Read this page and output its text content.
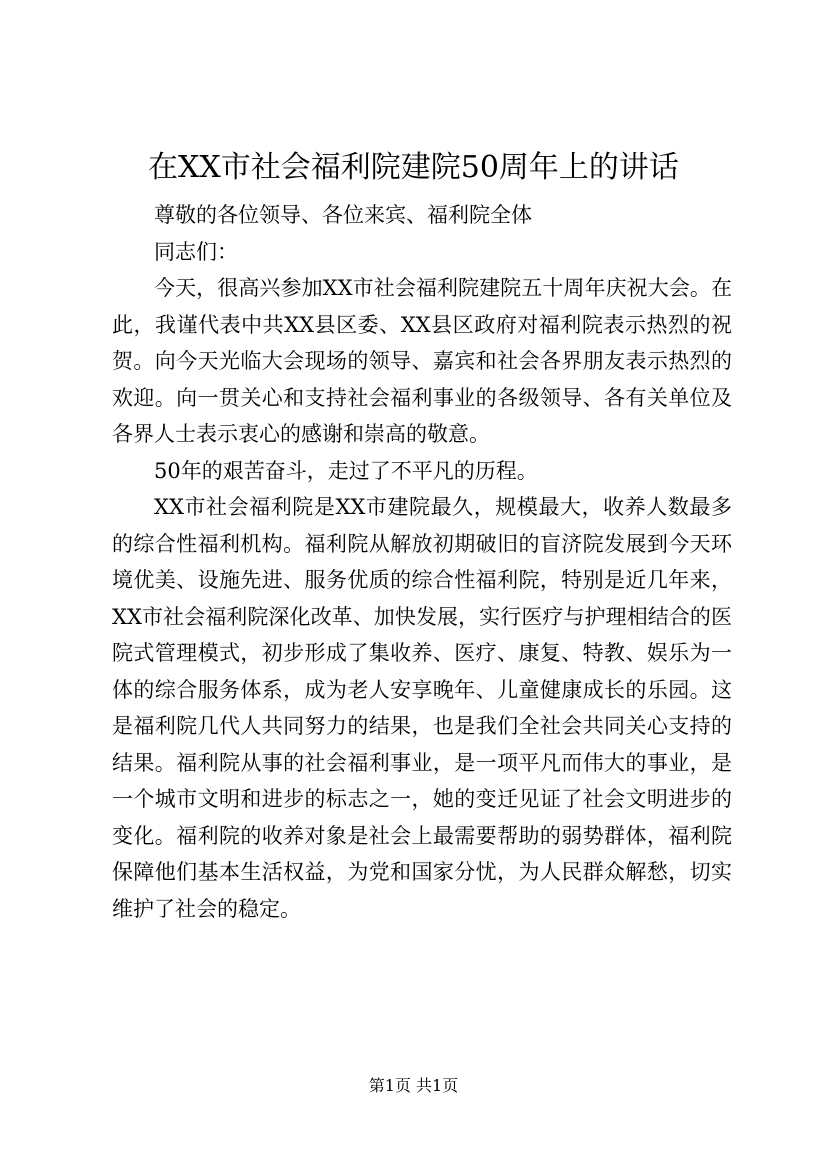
在XX市社会福利院建院50周年上的讲话

尊敬的各位领导、各位来宾、福利院全体

同志们：

今天，很高兴参加XX市社会福利院建院五十周年庆祝大会。在此，我谨代表中共XX县区委、XX县区政府对福利院表示热烈的祝贺。向今天光临大会现场的领导、嘉宾和社会各界朋友表示热烈的欢迎。向一贯关心和支持社会福利事业的各级领导、各有关单位及各界人士表示衷心的感谢和崇高的敬意。

50年的艰苦奋斗，走过了不平凡的历程。

XX市社会福利院是XX市建院最久，规模最大，收养人数最多的综合性福利机构。福利院从解放初期破旧的盲济院发展到今天环境优美、设施先进、服务优质的综合性福利院，特别是近几年来，XX市社会福利院深化改革、加快发展，实行医疗与护理相结合的医院式管理模式，初步形成了集收养、医疗、康复、特教、娱乐为一体的综合服务体系，成为老人安享晚年、儿童健康成长的乐园。这是福利院几代人共同努力的结果，也是我们全社会共同关心支持的结果。福利院从事的社会福利事业，是一项平凡而伟大的事业，是一个城市文明和进步的标志之一，她的变迁见证了社会文明进步的变化。福利院的收养对象是社会上最需要帮助的弱势群体，福利院保障他们基本生活权益，为党和国家分忧，为人民群众解愁，切实维护了社会的稳定。

第1页 共1页
